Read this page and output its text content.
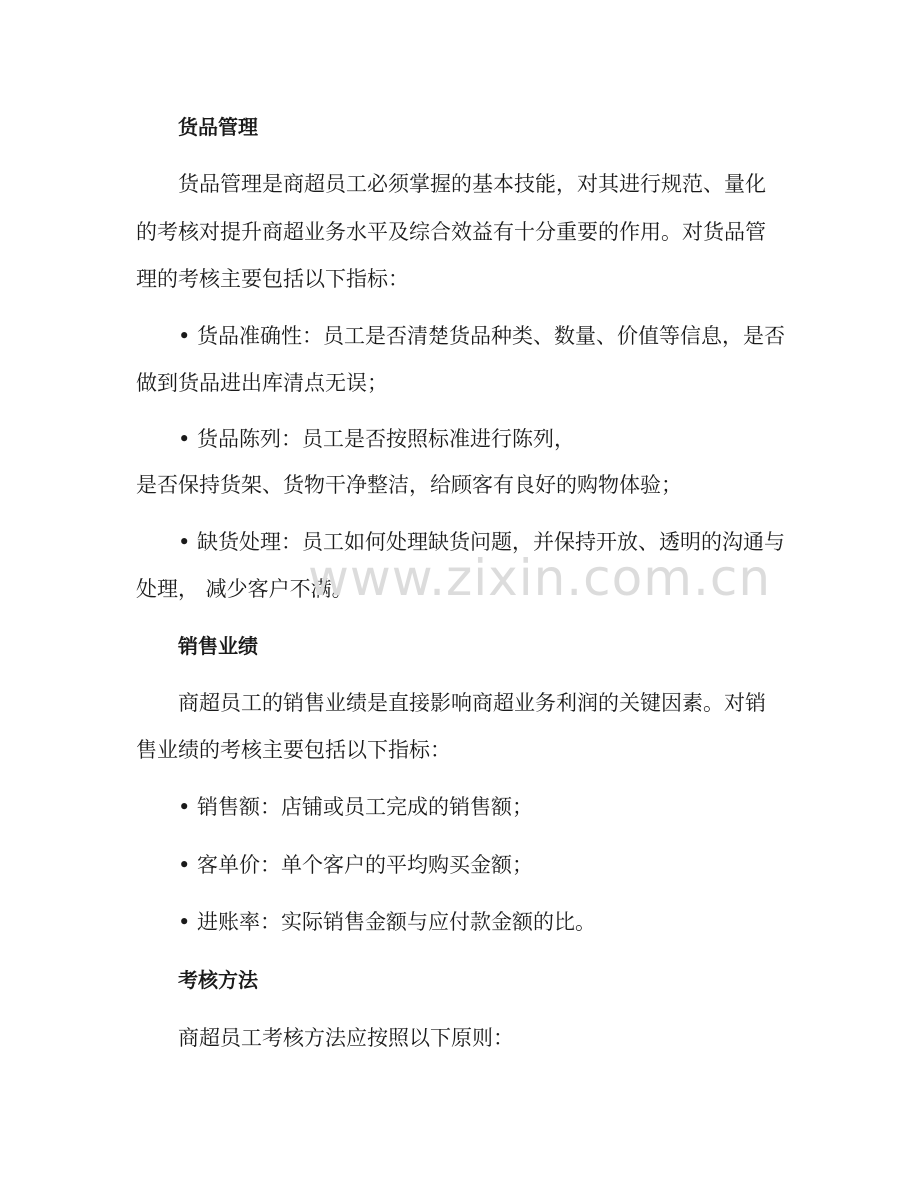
货品管理
货品管理是商超员工必须掌握的基本技能，对其进行规范、量化
的考核对提升商超业务水平及综合效益有十分重要的作用。对货品管
理的考核主要包括以下指标：
• 货品准确性：员工是否清楚货品种类、数量、价值等信息，是否
做到货品进出库清点无误；
• 货品陈列：员工是否按照标准进行陈列，
是否保持货架、货物干净整洁，给顾客有良好的购物体验；
• 缺货处理：员工如何处理缺货问题，并保持开放、透明的沟通与
处理， 减少客户不满。
销售业绩
商超员工的销售业绩是直接影响商超业务利润的关键因素。对销
售业绩的考核主要包括以下指标：
• 销售额：店铺或员工完成的销售额；
• 客单价：单个客户的平均购买金额；
• 进账率：实际销售金额与应付款金额的比。
考核方法
商超员工考核方法应按照以下原则：
www.zixin.com.cn
